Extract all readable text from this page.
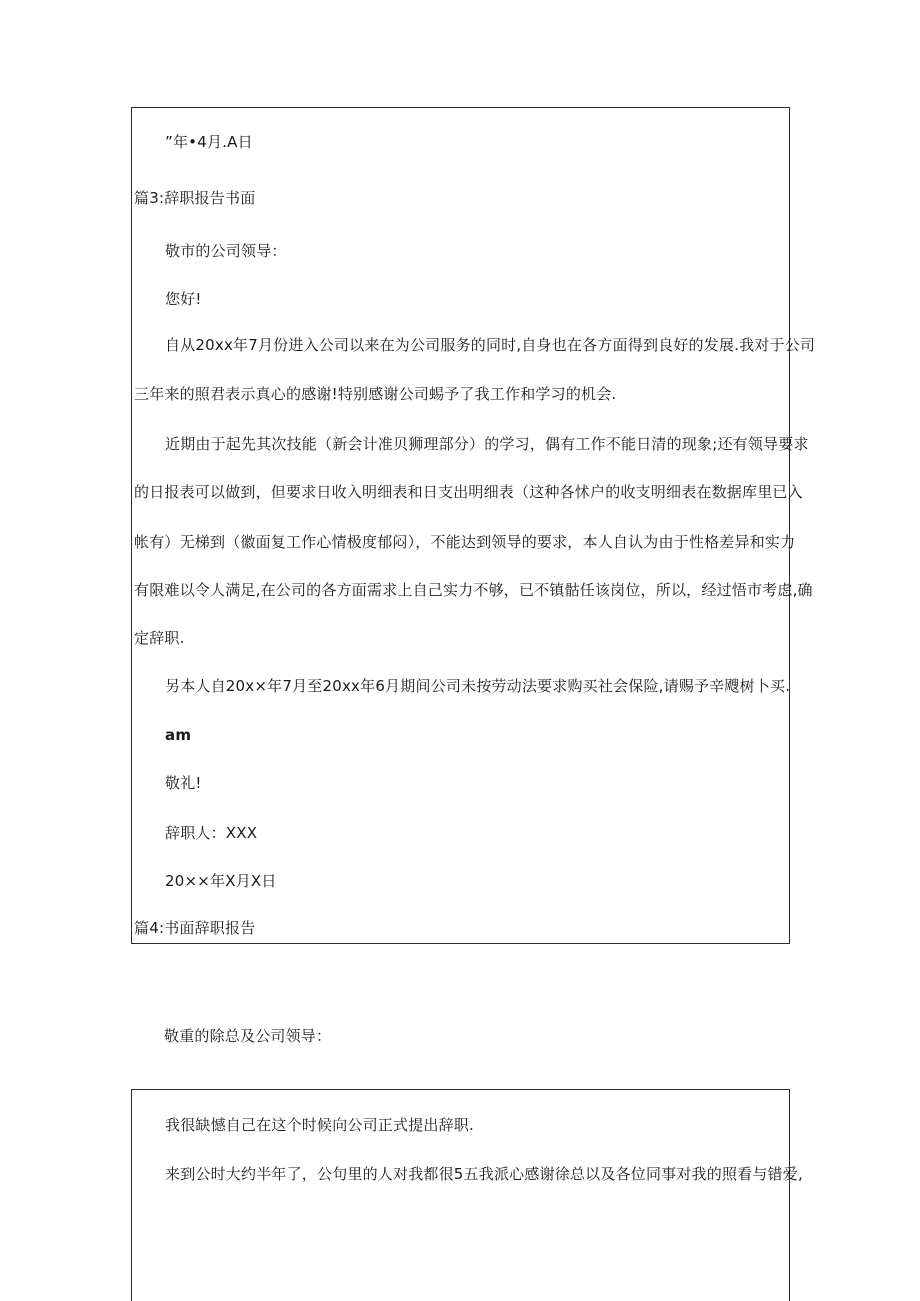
”年•4月.A日
篇3:辞职报告书面
敬市的公司领导：
您好!
自从20xx年7月份进入公司以来在为公司服务的同时,自身也在各方面得到良好的发展.我对于公司
三年来的照君表示真心的感谢!特别感谢公司蜴予了我工作和学习的机会.
近期由于起先其次技能（新会计准贝狮理部分）的学习，偶有工作不能日清的现象;还有领导要求
的日报表可以做到，但要求日收入明细表和日支出明细表（这种各怵户的收支明细表在数据库里已入
帐有）无梯到（徽面复工作心情极度郁闷），不能达到领导的要求，本人自认为由于性格差异和实力
有限难以令人满足,在公司的各方面需求上自己实力不够，已不镇骷任该岗位，所以，经过悟市考虑,确
定辞职.
另本人自20x×年7月至20xx年6月期间公司未按劳动法要求购买社会保险,请赐予辛飕树卜买.
am
敬礼!
辞职人：XXX
20××年X月X日
篇4:书面辞职报告
敬重的除总及公司领导：
我很缺憾自己在这个时候向公司正式提出辞职.
来到公时大约半年了，公句里的人对我都很5五我派心感谢徐总以及各位同事对我的照看与错爱,
